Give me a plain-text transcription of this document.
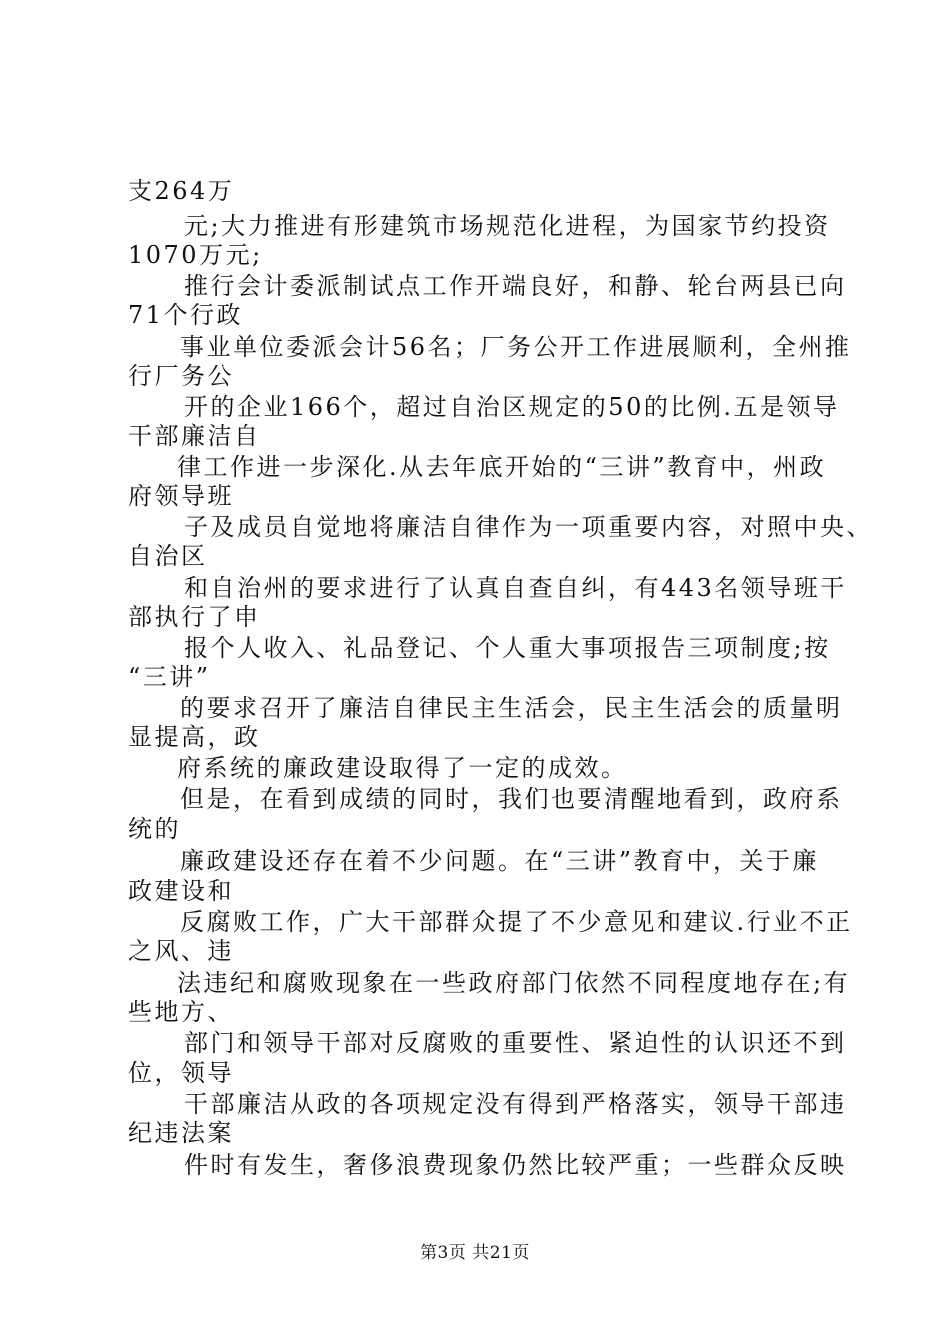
支264万
元;大力推进有形建筑市场规范化进程，为国家节约投资
1070万元;
推行会计委派制试点工作开端良好，和静、轮台两县已向
71个行政
事业单位委派会计56名；厂务公开工作进展顺利，全州推
行厂务公
开的企业166个，超过自治区规定的50的比例.五是领导
干部廉洁自
律工作进一步深化.从去年底开始的“三讲”教育中，州政
府领导班
子及成员自觉地将廉洁自律作为一项重要内容，对照中央、
自治区
和自治州的要求进行了认真自查自纠，有443名领导班干
部执行了申
报个人收入、礼品登记、个人重大事项报告三项制度;按
“三讲”
的要求召开了廉洁自律民主生活会，民主生活会的质量明
显提高，政
府系统的廉政建设取得了一定的成效。
但是，在看到成绩的同时，我们也要清醒地看到，政府系
统的
廉政建设还存在着不少问题。在“三讲”教育中，关于廉
政建设和
反腐败工作，广大干部群众提了不少意见和建议.行业不正
之风、违
法违纪和腐败现象在一些政府部门依然不同程度地存在;有
些地方、
部门和领导干部对反腐败的重要性、紧迫性的认识还不到
位，领导
干部廉洁从政的各项规定没有得到严格落实，领导干部违
纪违法案
件时有发生，奢侈浪费现象仍然比较严重；一些群众反映
第3页 共21页
